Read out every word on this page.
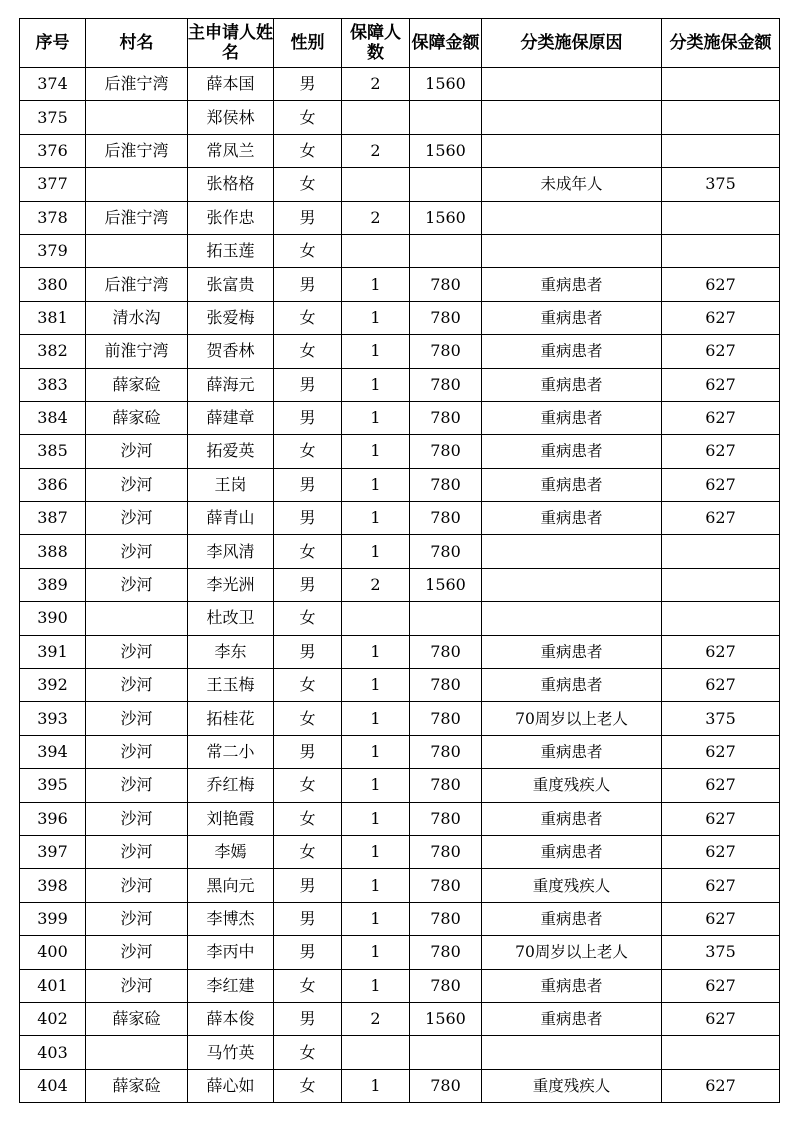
序号	村名	主申请人姓名	性别	保障人数	保障金额	分类施保原因	分类施保金额
374	后淮宁湾	薛本国	男	2	1560		
375		郑侯林	女				
376	后淮宁湾	常凤兰	女	2	1560		
377		张格格	女			未成年人	375
378	后淮宁湾	张作忠	男	2	1560		
379		拓玉莲	女				
380	后淮宁湾	张富贵	男	1	780	重病患者	627
381	清水沟	张爱梅	女	1	780	重病患者	627
382	前淮宁湾	贺香林	女	1	780	重病患者	627
383	薛家硷	薛海元	男	1	780	重病患者	627
384	薛家硷	薛建章	男	1	780	重病患者	627
385	沙河	拓爱英	女	1	780	重病患者	627
386	沙河	王岗	男	1	780	重病患者	627
387	沙河	薛青山	男	1	780	重病患者	627
388	沙河	李风清	女	1	780		
389	沙河	李光洲	男	2	1560		
390		杜改卫	女				
391	沙河	李东	男	1	780	重病患者	627
392	沙河	王玉梅	女	1	780	重病患者	627
393	沙河	拓桂花	女	1	780	70周岁以上老人	375
394	沙河	常二小	男	1	780	重病患者	627
395	沙河	乔红梅	女	1	780	重度残疾人	627
396	沙河	刘艳霞	女	1	780	重病患者	627
397	沙河	李嫣	女	1	780	重病患者	627
398	沙河	黑向元	男	1	780	重度残疾人	627
399	沙河	李博杰	男	1	780	重病患者	627
400	沙河	李丙中	男	1	780	70周岁以上老人	375
401	沙河	李红建	女	1	780	重病患者	627
402	薛家硷	薛本俊	男	2	1560	重病患者	627
403		马竹英	女				
404	薛家硷	薛心如	女	1	780	重度残疾人	627
